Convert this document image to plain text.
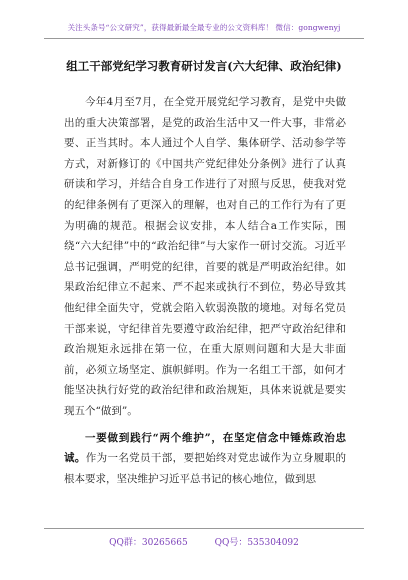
关注头条号“公文研究”，获得最新最全最专业的公文资料库！ 微信：gongwenyj
组工干部党纪学习教育研讨发言(六大纪律、政治纪律)

今年4月至7月，在全党开展党纪学习教育，是党中央做出的重大决策部署，是党的政治生活中又一件大事，非常必要、正当其时。本人通过个人自学、集体研学、活动参学等方式，对新修订的《中国共产党纪律处分条例》进行了认真研读和学习，并结合自身工作进行了对照与反思，使我对党的纪律条例有了更深入的理解，也对自己的工作行为有了更为明确的规范。根据会议安排，本人结合a工作实际，围绕“六大纪律”中的“政治纪律”与大家作一研讨交流。习近平总书记强调，严明党的纪律，首要的就是严明政治纪律。如果政治纪律立不起来、严不起来或执行不到位，势必导致其他纪律全面失守，党就会陷入软弱涣散的境地。对每名党员干部来说，守纪律首先要遵守政治纪律，把严守政治纪律和政治规矩永远排在第一位，在重大原则问题和大是大非面前，必须立场坚定、旗帜鲜明。作为一名组工干部，如何才能坚决执行好党的政治纪律和政治规矩，具体来说就是要实现五个“做到”。

一要做到践行“两个维护”，在坚定信念中锤炼政治忠诚。作为一名党员干部，要把始终对党忠诚作为立身履职的根本要求，坚决维护习近平总书记的核心地位，做到思

QQ群：30265665	QQ号：535304092
